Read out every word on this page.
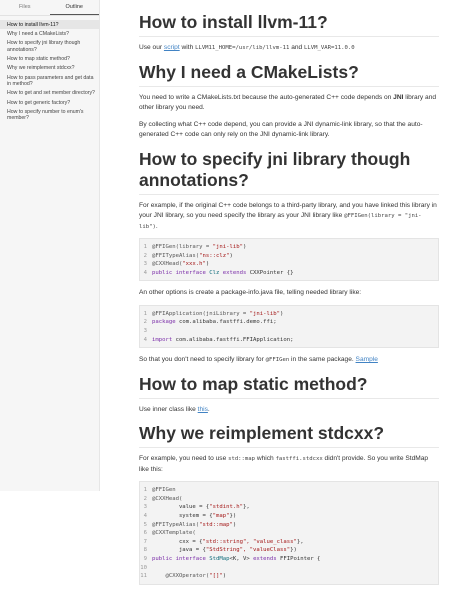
Files	Outline
How to install llvm-11?
Why I need a CMakeLists?
How to specify jni library though annotations?
How to map static method?
Why we reimplement stdcxx?
How to pass parameters and get data in method?
How to get and set member directory?
How to get generic factory?
How to specify number to enum's member?
How to install llvm-11?

Use our script with LLVM11_HOME=/usr/lib/llvm-11 and LLVM_VAR=11.0.0

Why I need a CMakeLists?

You need to write a CMakeLists.txt because the auto-generated C++ code depends on JNI library and other library you need.

By collecting what C++ code depend, you can provide a JNI dynamic-link library, so that the auto-generated C++ code can only rely on the JNI dynamic-link library.

How to specify jni library though annotations?

For example, if the original C++ code belongs to a third-party library, and you have linked this library in your JNI library, so you need specify the library as your JNI library like @FFIGen(library = "jni-lib").

1 @FFIGen(library = "jni-lib")
2 @FFITypeAlias("ns::clz")
3 @CXXHead("xxx.h")
4 public interface Clz extends CXXPointer {}

An other options is create a package-info.java file, telling needed library like:

1 @FFIApplication(jniLibrary = "jni-lib")
2 package com.alibaba.fastffi.demo.ffi;
3
4 import com.alibaba.fastffi.FFIApplication;

So that you don't need to specify library for @FFIGen in the same package. Sample

How to map static method?

Use inner class like this.

Why we reimplement stdcxx?

For example, you need to use std::map which fastffi.stdcxx didn't provide. So you write StdMap like this:

1 @FFIGen
2 @CXXHead(
3 value = {"stdint.h"},
4 system = {"map"})
5 @FFITypeAlias("std::map")
6 @CXXTemplate(
7 cxx = {"std::string", "value_class"},
8 java = {"StdString", "valueClass"})
9 public interface StdMap<K, V> extends FFIPointer {
10
11 @CXXOperator("[]")
